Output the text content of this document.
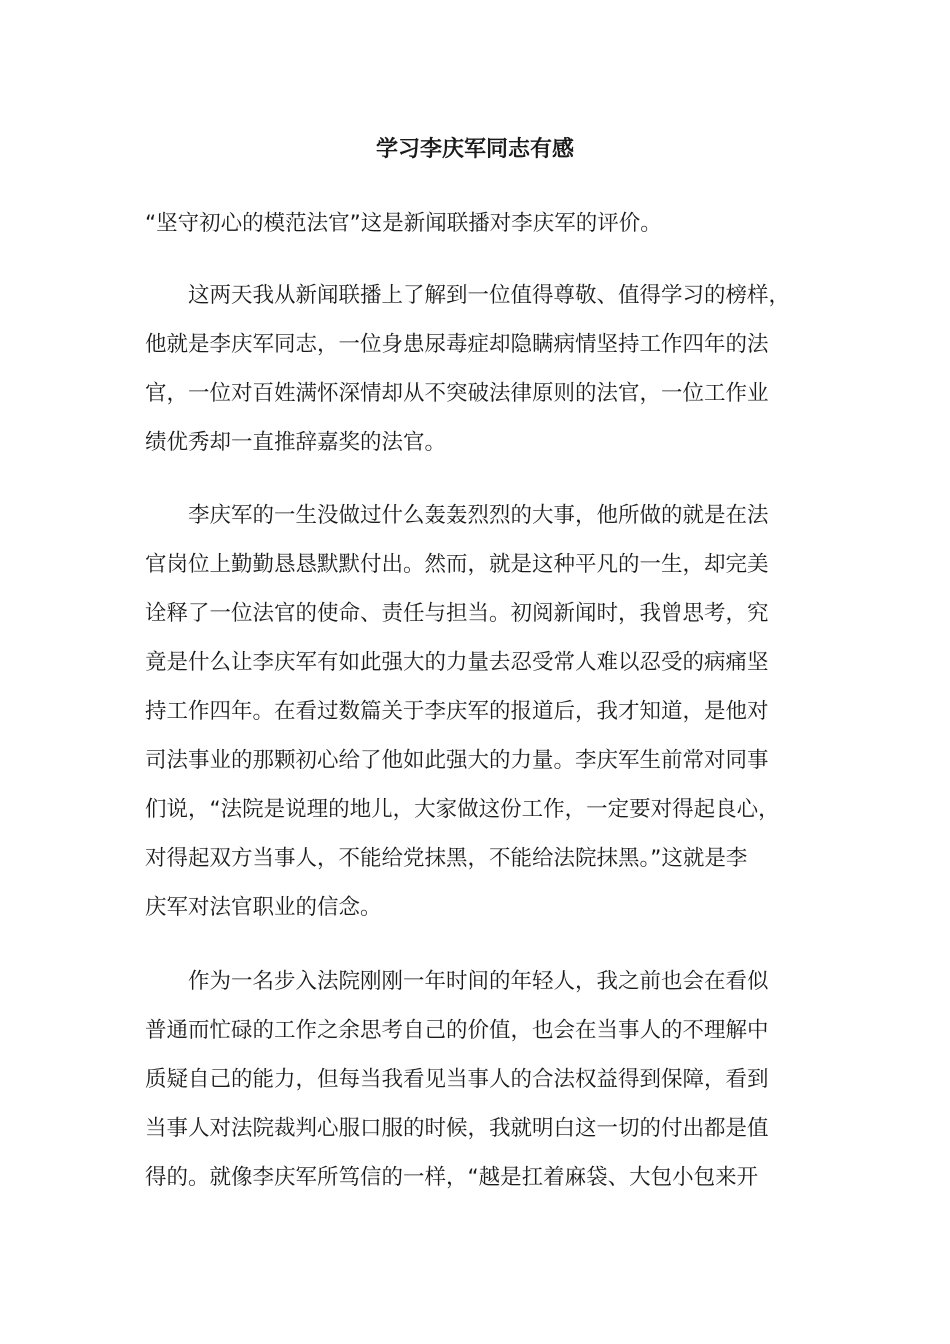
学习李庆军同志有感

“坚守初心的模范法官”这是新闻联播对李庆军的评价。

　　这两天我从新闻联播上了解到一位值得尊敬、值得学习的榜样，

他就是李庆军同志，一位身患尿毒症却隐瞒病情坚持工作四年的法

官，一位对百姓满怀深情却从不突破法律原则的法官，一位工作业

绩优秀却一直推辞嘉奖的法官。

　　李庆军的一生没做过什么轰轰烈烈的大事，他所做的就是在法

官岗位上勤勤恳恳默默付出。然而，就是这种平凡的一生，却完美

诠释了一位法官的使命、责任与担当。初阅新闻时，我曾思考，究

竟是什么让李庆军有如此强大的力量去忍受常人难以忍受的病痛坚

持工作四年。在看过数篇关于李庆军的报道后，我才知道，是他对

司法事业的那颗初心给了他如此强大的力量。李庆军生前常对同事

们说，“法院是说理的地儿，大家做这份工作，一定要对得起良心，

对得起双方当事人，不能给党抹黑，不能给法院抹黑。”这就是李

庆军对法官职业的信念。

　　作为一名步入法院刚刚一年时间的年轻人，我之前也会在看似

普通而忙碌的工作之余思考自己的价值，也会在当事人的不理解中

质疑自己的能力，但每当我看见当事人的合法权益得到保障，看到

当事人对法院裁判心服口服的时候，我就明白这一切的付出都是值

得的。就像李庆军所笃信的一样，“越是扛着麻袋、大包小包来开
